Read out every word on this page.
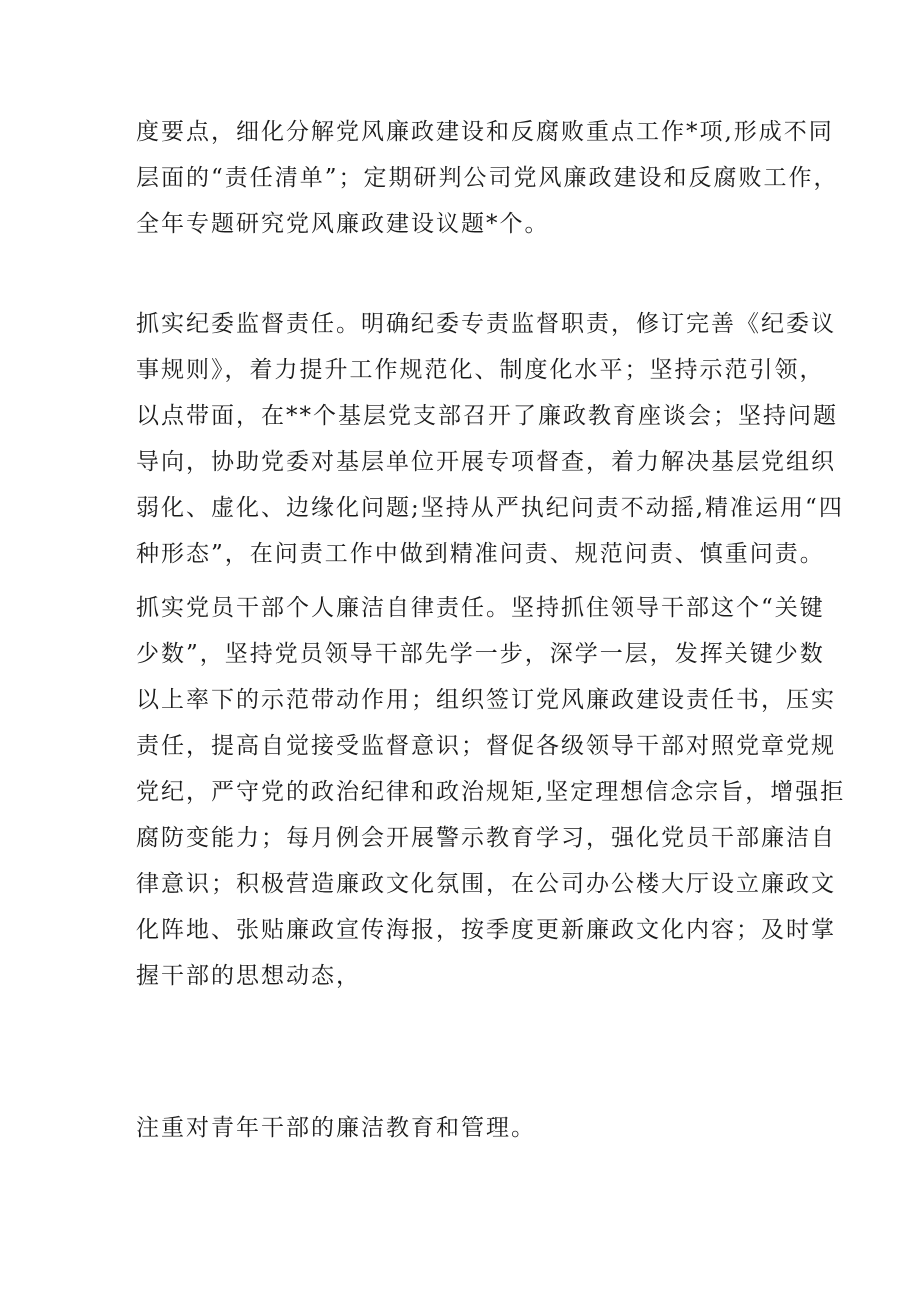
度要点，细化分解党风廉政建设和反腐败重点工作*项,形成不同
层面的“责任清单”；定期研判公司党风廉政建设和反腐败工作，
全年专题研究党风廉政建设议题*个。

抓实纪委监督责任。明确纪委专责监督职责，修订完善《纪委议
事规则》，着力提升工作规范化、制度化水平；坚持示范引领，
以点带面，在**个基层党支部召开了廉政教育座谈会；坚持问题
导向，协助党委对基层单位开展专项督查，着力解决基层党组织
弱化、虚化、边缘化问题;坚持从严执纪问责不动摇,精准运用“四
种形态”，在问责工作中做到精准问责、规范问责、慎重问责。

抓实党员干部个人廉洁自律责任。坚持抓住领导干部这个“关键
少数”，坚持党员领导干部先学一步，深学一层，发挥关键少数
以上率下的示范带动作用；组织签订党风廉政建设责任书，压实
责任，提高自觉接受监督意识；督促各级领导干部对照党章党规
党纪，严守党的政治纪律和政治规矩,坚定理想信念宗旨，增强拒
腐防变能力；每月例会开展警示教育学习，强化党员干部廉洁自
律意识；积极营造廉政文化氛围，在公司办公楼大厅设立廉政文
化阵地、张贴廉政宣传海报，按季度更新廉政文化内容；及时掌
握干部的思想动态，

注重对青年干部的廉洁教育和管理。
